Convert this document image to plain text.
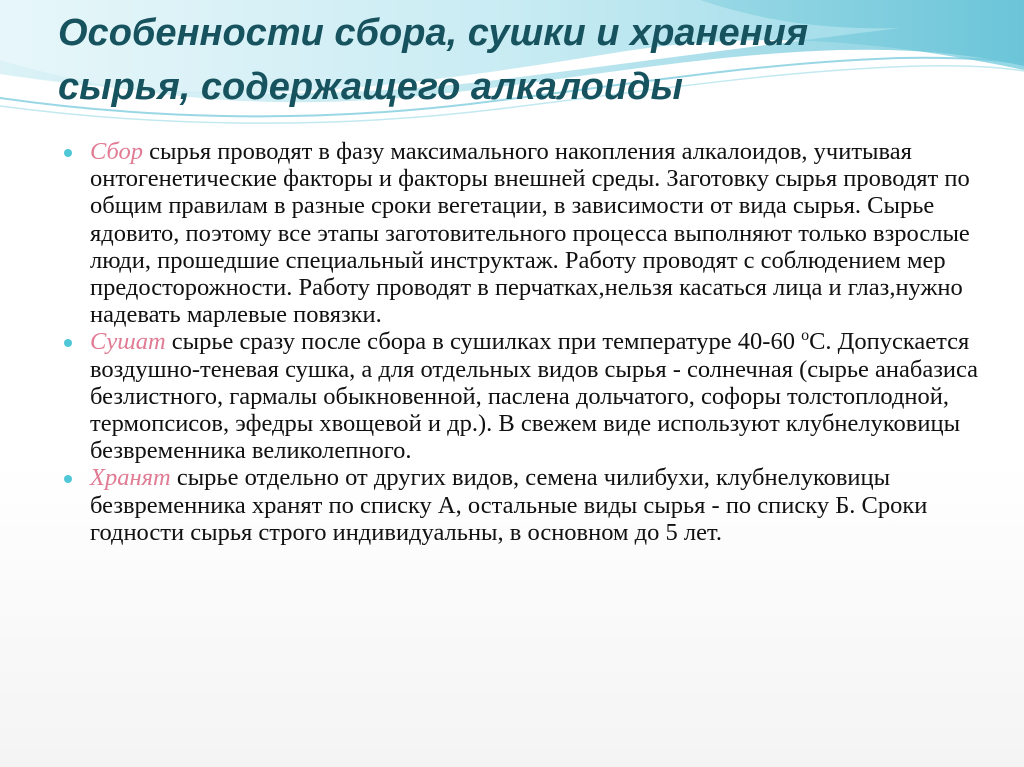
Особенности сбора, сушки и хранения
сырья, содержащего алкалоиды
Сбор сырья проводят в фазу максимального накопления алкалоидов, учитывая онтогенетические факторы и факторы внешней среды. Заготовку сырья проводят по общим правилам в разные сроки вегетации, в зависимости от вида сырья. Сырье ядовито, поэтому все этапы заготовительного процесса выполняют только взрослые люди, прошедшие специальный инструктаж. Работу проводят с соблюдением мер предосторожности. Работу проводят в перчатках,нельзя касаться лица и глаз,нужно надевать марлевые повязки.
Сушат сырье сразу после сбора в сушилках при температуре 40-60 $^о$С. Допускается воздушно-теневая сушка, а для отдельных видов сырья - солнечная (сырье анабазиса безлистного, гармалы обыкновенной, паслена дольчатого, софоры толстоплодной, термопсисов, эфедры хвощевой и др.). В свежем виде используют клубнелуковицы безвременника великолепного.
Хранят сырье отдельно от других видов, семена чилибухи, клубнелуковицы безвременника хранят по списку А, остальные виды сырья - по списку Б. Сроки годности сырья строго индивидуальны, в основном до 5 лет.
